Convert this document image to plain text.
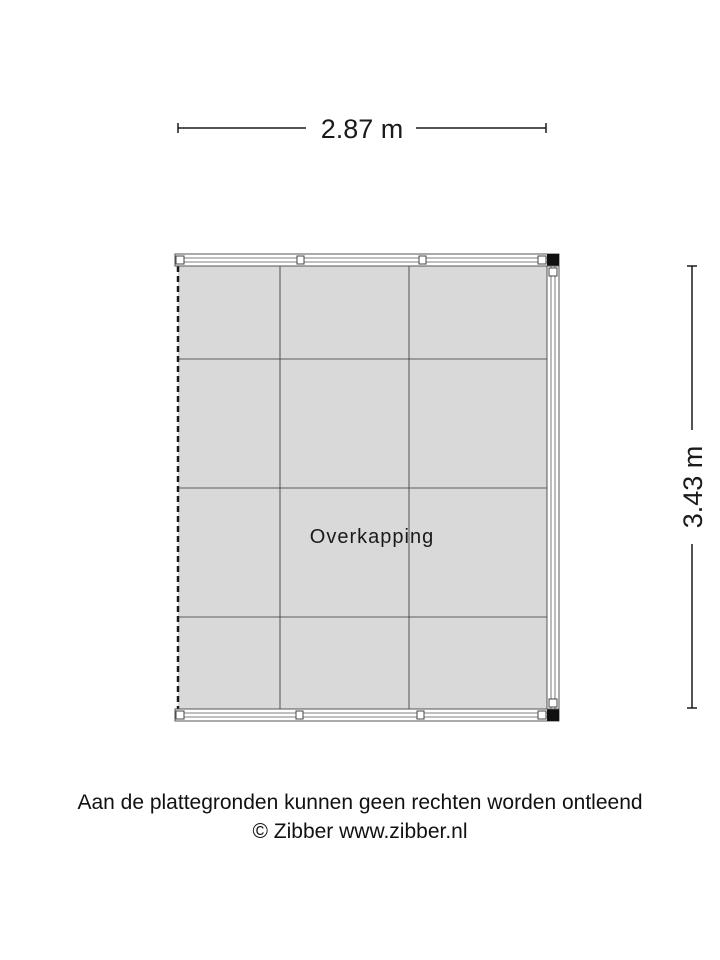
2.87 m
3.43 m
Overkapping
Aan de plattegronden kunnen geen rechten worden ontleend
© Zibber www.zibber.nl
